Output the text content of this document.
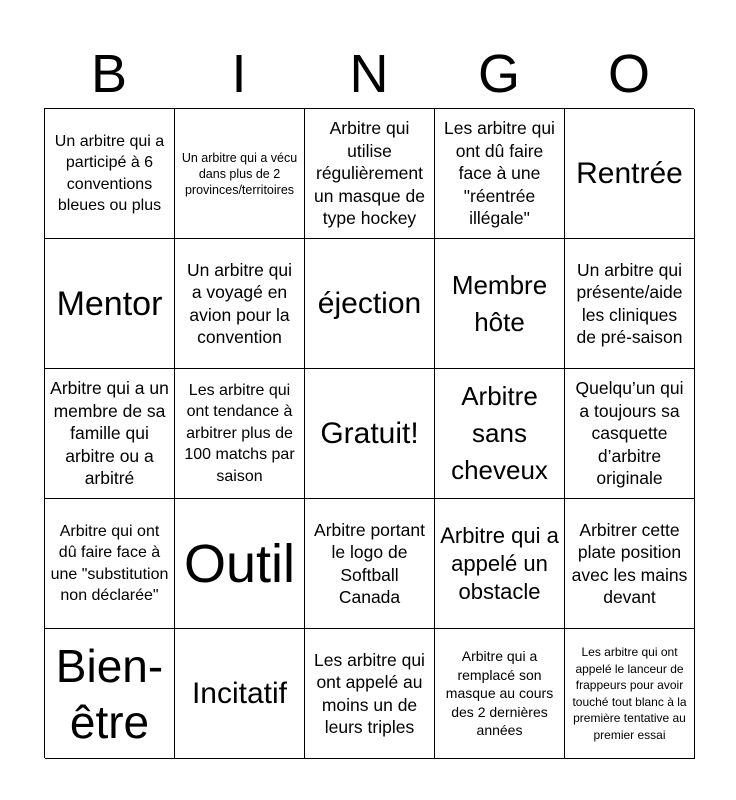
B	I	N	G	O
Un arbitre qui a participé à 6 conventions bleues ou plus
Un arbitre qui a vécu dans plus de 2 provinces/territoires
Arbitre qui utilise régulièrement un masque de type hockey
Les arbitre qui ont dû faire face à une "réentrée illégale"
Rentrée
Mentor
Un arbitre qui a voyagé en avion pour la convention
éjection
Membre hôte
Un arbitre qui présente/aide les cliniques de pré-saison
Arbitre qui a un membre de sa famille qui arbitre ou a arbitré
Les arbitre qui ont tendance à arbitrer plus de 100 matchs par saison
Gratuit!
Arbitre sans cheveux
Quelqu’un qui a toujours sa casquette d’arbitre originale
Arbitre qui ont dû faire face à une "substitution non déclarée"
Outil
Arbitre portant le logo de Softball Canada
Arbitre qui a appelé un obstacle
Arbitrer cette plate position avec les mains devant
Bien-être
Incitatif
Les arbitre qui ont appelé au moins un de leurs triples
Arbitre qui a remplacé son masque au cours des 2 dernières années
Les arbitre qui ont appelé le lanceur de frappeurs pour avoir touché tout blanc à la première tentative au premier essai
